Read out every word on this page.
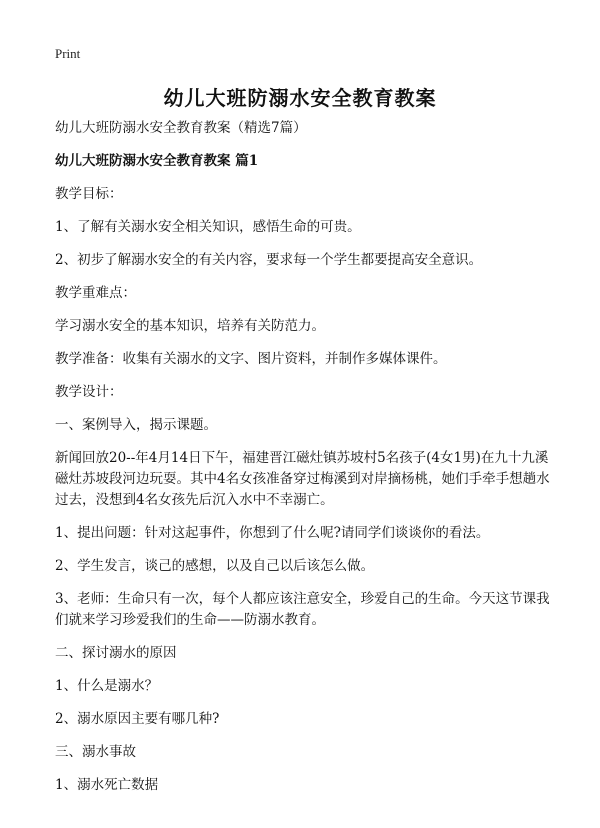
Print
幼儿大班防溺水安全教育教案

幼儿大班防溺水安全教育教案（精选7篇）

幼儿大班防溺水安全教育教案 篇1

教学目标：

1、了解有关溺水安全相关知识，感悟生命的可贵。

2、初步了解溺水安全的有关内容，要求每一个学生都要提高安全意识。

教学重难点：

学习溺水安全的基本知识，培养有关防范力。

教学准备：收集有关溺水的文字、图片资料，并制作多媒体课件。

教学设计：

一、案例导入，揭示课题。

新闻回放20--年4月14日下午，福建晋江磁灶镇苏坡村5名孩子(4女1男)在九十九溪磁灶苏坡段河边玩耍。其中4名女孩准备穿过梅溪到对岸摘杨桃，她们手牵手想趟水过去，没想到4名女孩先后沉入水中不幸溺亡。

1、提出问题：针对这起事件，你想到了什么呢?请同学们谈谈你的看法。

2、学生发言，谈己的感想，以及自己以后该怎么做。

3、老师：生命只有一次，每个人都应该注意安全，珍爱自己的生命。今天这节课我们就来学习珍爱我们的生命——防溺水教育。

二、探讨溺水的原因

1、什么是溺水？

2、溺水原因主要有哪几种?

三、溺水事故

1、溺水死亡数据
